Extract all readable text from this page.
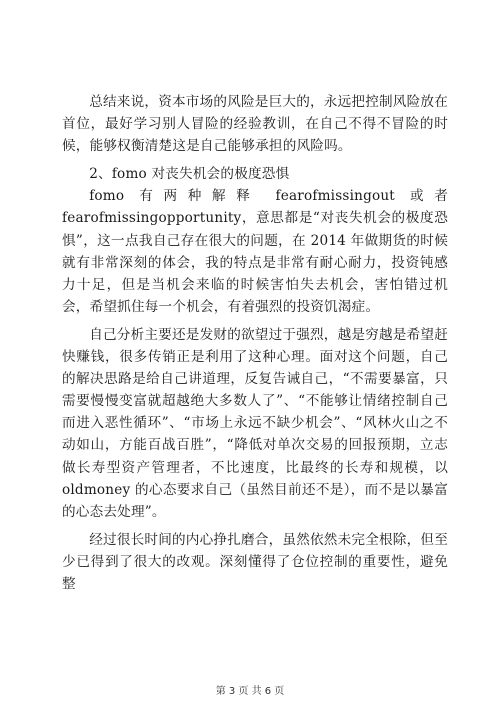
总结来说，资本市场的风险是巨大的，永远把控制风险放在首位，最好学习别人冒险的经验教训，在自己不得不冒险的时候，能够权衡清楚这是自己能够承担的风险吗。

2、fomo 对丧失机会的极度恐惧

fomo 有两种解释 fearofmissingout 或者 fearofmissingopportunity，意思都是“对丧失机会的极度恐惧”，这一点我自己存在很大的问题，在 2014 年做期货的时候就有非常深刻的体会，我的特点是非常有耐心耐力，投资钝感力十足，但是当机会来临的时候害怕失去机会，害怕错过机会，希望抓住每一个机会，有着强烈的投资饥渴症。

自己分析主要还是发财的欲望过于强烈，越是穷越是希望赶快赚钱，很多传销正是利用了这种心理。面对这个问题，自己的解决思路是给自己讲道理，反复告诫自己，“不需要暴富，只需要慢慢变富就超越绝大多数人了”、“不能够让情绪控制自己而进入恶性循环”、“市场上永远不缺少机会”、“风林火山之不动如山，方能百战百胜”，“降低对单次交易的回报预期，立志做长寿型资产管理者，不比速度，比最终的长寿和规模，以 oldmoney 的心态要求自己（虽然目前还不是），而不是以暴富的心态去处理”。

经过很长时间的内心挣扎磨合，虽然依然未完全根除，但至少已得到了很大的改观。深刻懂得了仓位控制的重要性，避免整

第 3 页 共 6 页
